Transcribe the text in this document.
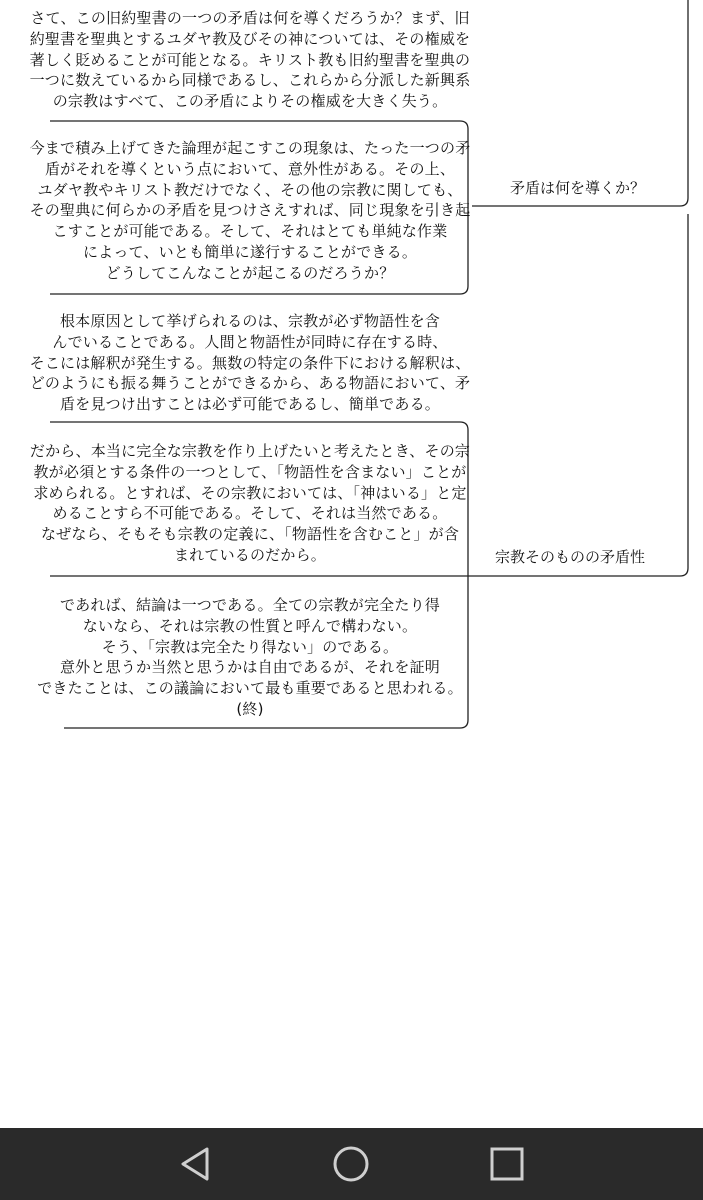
さて、この旧約聖書の一つの矛盾は何を導くだろうか？まず、旧
約聖書を聖典とするユダヤ教及びその神については、その権威を
著しく貶めることが可能となる。キリスト教も旧約聖書を聖典の
一つに数えているから同様であるし、これらから分派した新興系
の宗教はすべて、この矛盾によりその権威を大きく失う。
今まで積み上げてきた論理が起こすこの現象は、たった一つの矛
盾がそれを導くという点において、意外性がある。その上、
ユダヤ教やキリスト教だけでなく、その他の宗教に関しても、
その聖典に何らかの矛盾を見つけさえすれば、同じ現象を引き起
こすことが可能である。そして、それはとても単純な作業
によって、いとも簡単に遂行することができる。
どうしてこんなことが起こるのだろうか？
根本原因として挙げられるのは、宗教が必ず物語性を含
んでいることである。人間と物語性が同時に存在する時、
そこには解釈が発生する。無数の特定の条件下における解釈は、
どのようにも振る舞うことができるから、ある物語において、矛
盾を見つけ出すことは必ず可能であるし、簡単である。
だから、本当に完全な宗教を作り上げたいと考えたとき、その宗
教が必須とする条件の一つとして、「物語性を含まない」ことが
求められる。とすれば、その宗教においては、「神はいる」と定
めることすら不可能である。そして、それは当然である。
なぜなら、そもそも宗教の定義に、「物語性を含むこと」が含
まれているのだから。
であれば、結論は一つである。全ての宗教が完全たり得
ないなら、それは宗教の性質と呼んで構わない。
そう、「宗教は完全たり得ない」のである。
意外と思うか当然と思うかは自由であるが、それを証明
できたことは、この議論において最も重要であると思われる。
(終)
矛盾は何を導くか？
宗教そのものの矛盾性
